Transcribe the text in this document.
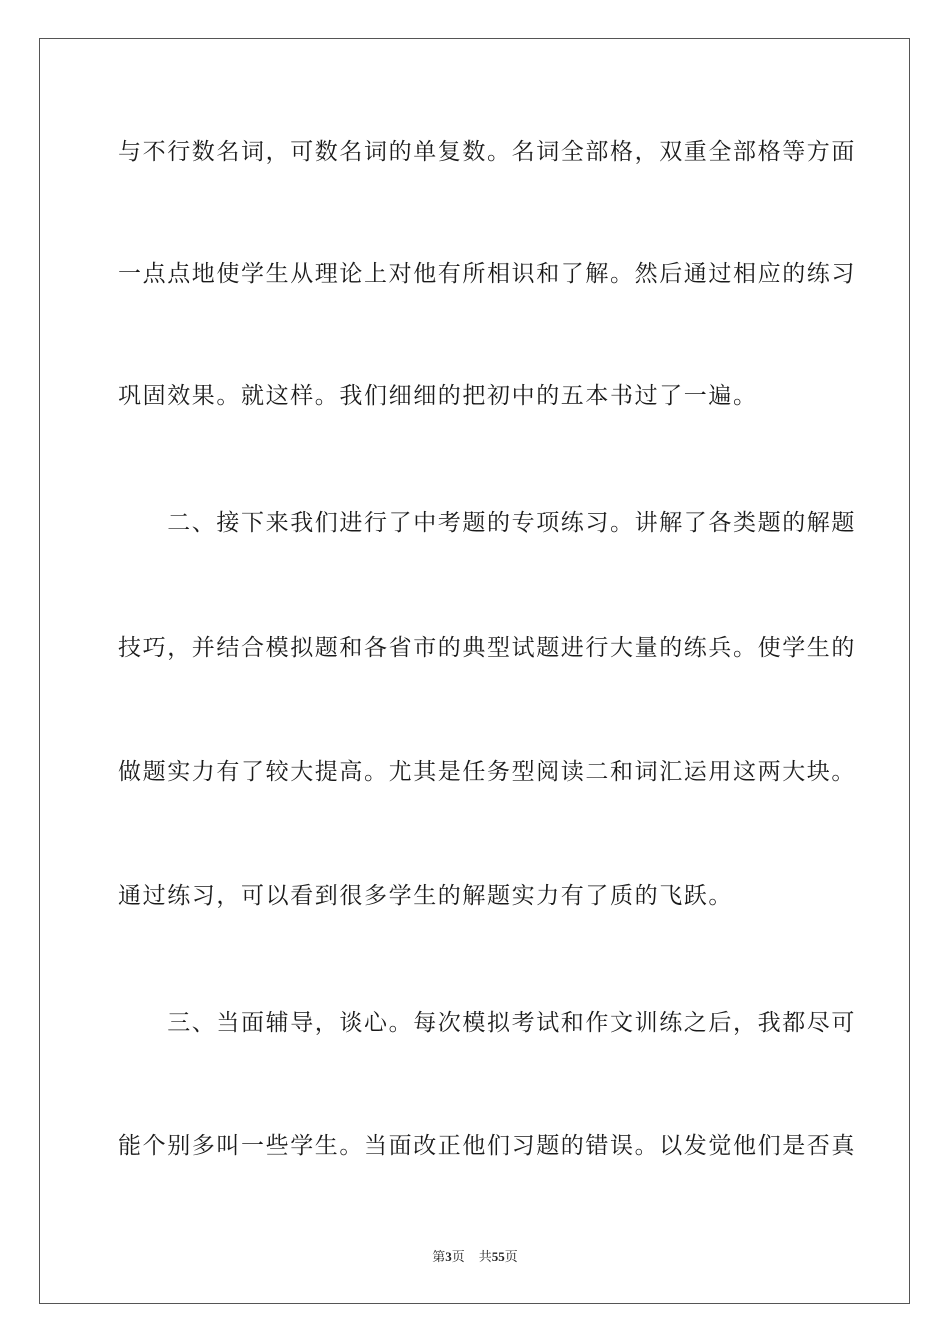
与不行数名词，可数名词的单复数。名词全部格，双重全部格等方面
一点点地使学生从理论上对他有所相识和了解。然后通过相应的练习
巩固效果。就这样。我们细细的把初中的五本书过了一遍。
　　二、接下来我们进行了中考题的专项练习。讲解了各类题的解题
技巧，并结合模拟题和各省市的典型试题进行大量的练兵。使学生的
做题实力有了较大提高。尤其是任务型阅读二和词汇运用这两大块。
通过练习，可以看到很多学生的解题实力有了质的飞跃。
　　三、当面辅导，谈心。每次模拟考试和作文训练之后，我都尽可
能个别多叫一些学生。当面改正他们习题的错误。以发觉他们是否真
第3页 共55页
